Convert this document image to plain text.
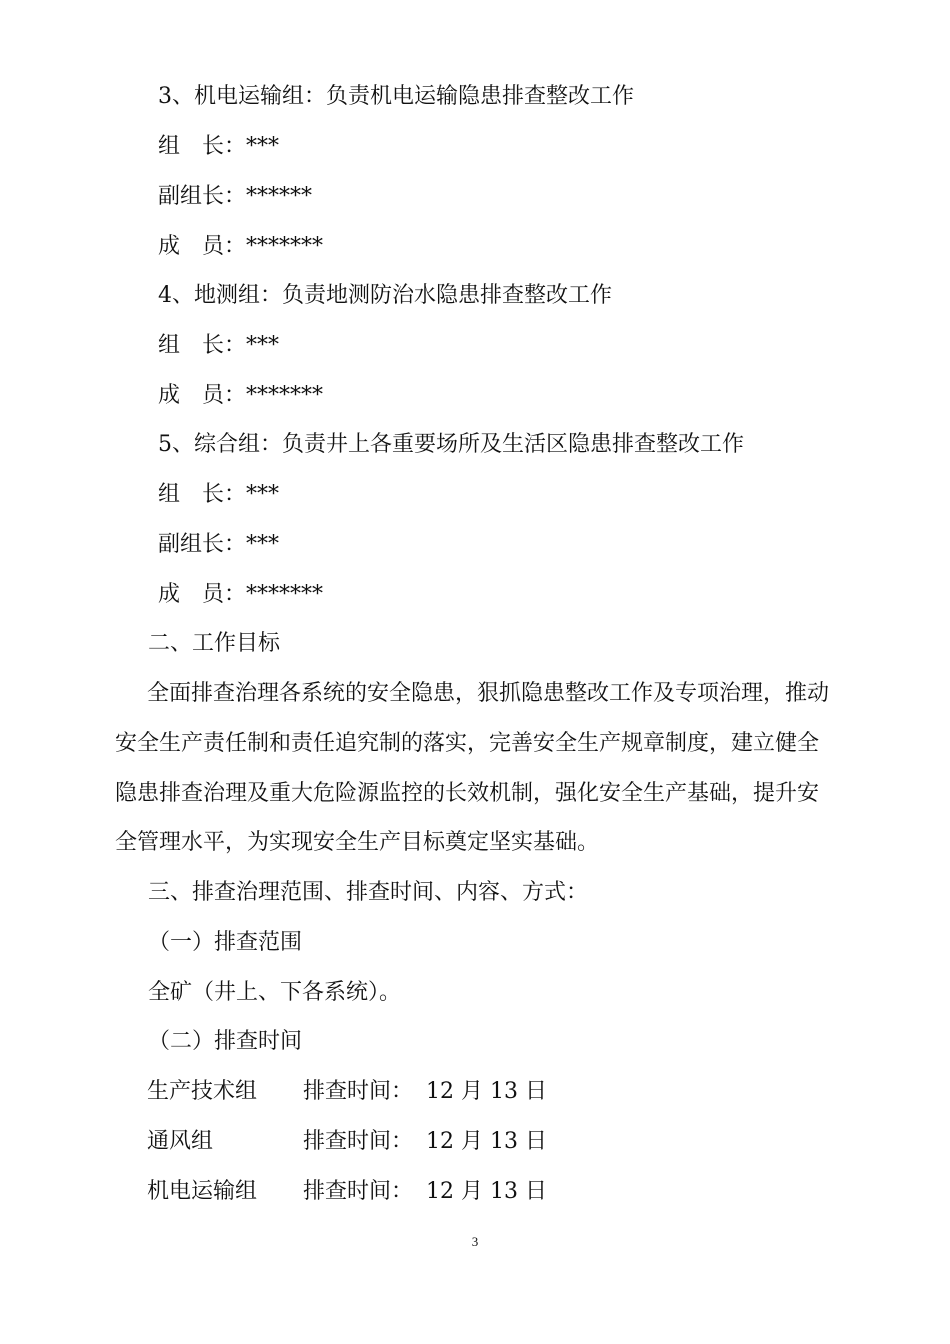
3、机电运输组：负责机电运输隐患排查整改工作
组　长：***
副组长：******
成　员：*******
4、地测组：负责地测防治水隐患排查整改工作
组　长：***
成　员：*******
5、综合组：负责井上各重要场所及生活区隐患排查整改工作
组　长：***
副组长：***
成　员：*******
二、工作目标
全面排查治理各系统的安全隐患，狠抓隐患整改工作及专项治理，推动
安全生产责任制和责任追究制的落实，完善安全生产规章制度，建立健全
隐患排查治理及重大危险源监控的长效机制，强化安全生产基础，提升安
全管理水平，为实现安全生产目标奠定坚实基础。
三、排查治理范围、排查时间、内容、方式：
（一）排查范围
全矿（井上、下各系统）。
（二）排查时间
生产技术组 排查时间： 12 月 13 日
通风组	排查时间： 12 月 13 日
机电运输组 排查时间： 12 月 13 日
3
